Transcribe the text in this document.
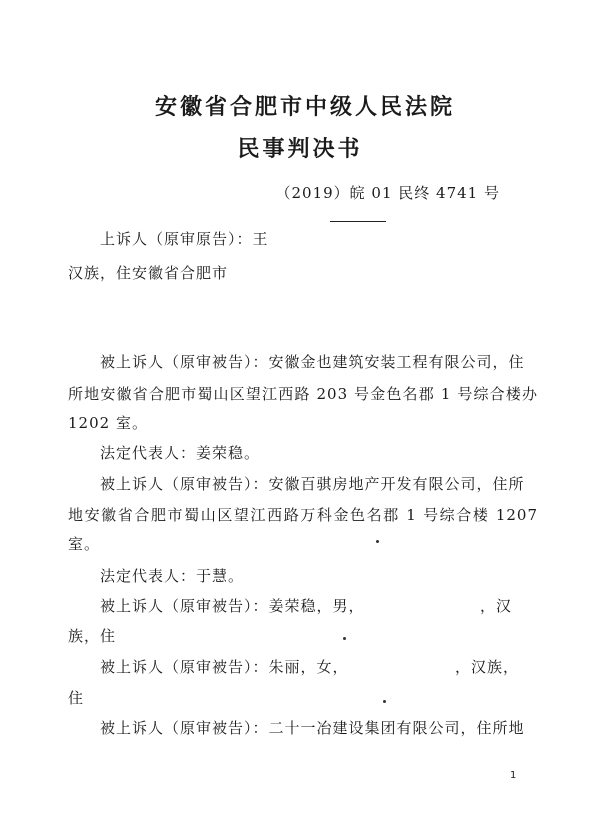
安徽省合肥市中级人民法院
民事判决书
（2019）皖 01 民终 4741 号
上诉人（原审原告）：王
汉族，住安徽省合肥市
被上诉人（原审被告）：安徽金也建筑安装工程有限公司，住
所地安徽省合肥市蜀山区望江西路 203 号金色名郡 1 号综合楼办
1202 室。
法定代表人：姜荣稳。
被上诉人（原审被告）：安徽百骐房地产开发有限公司，住所
地安徽省合肥市蜀山区望江西路万科金色名郡 1 号综合楼 1207
室。
法定代表人：于慧。
被上诉人（原审被告）：姜荣稳，男，	，汉
族，住
被上诉人（原审被告）：朱丽，女，	，汉族，
住
被上诉人（原审被告）：二十一冶建设集团有限公司，住所地
1
